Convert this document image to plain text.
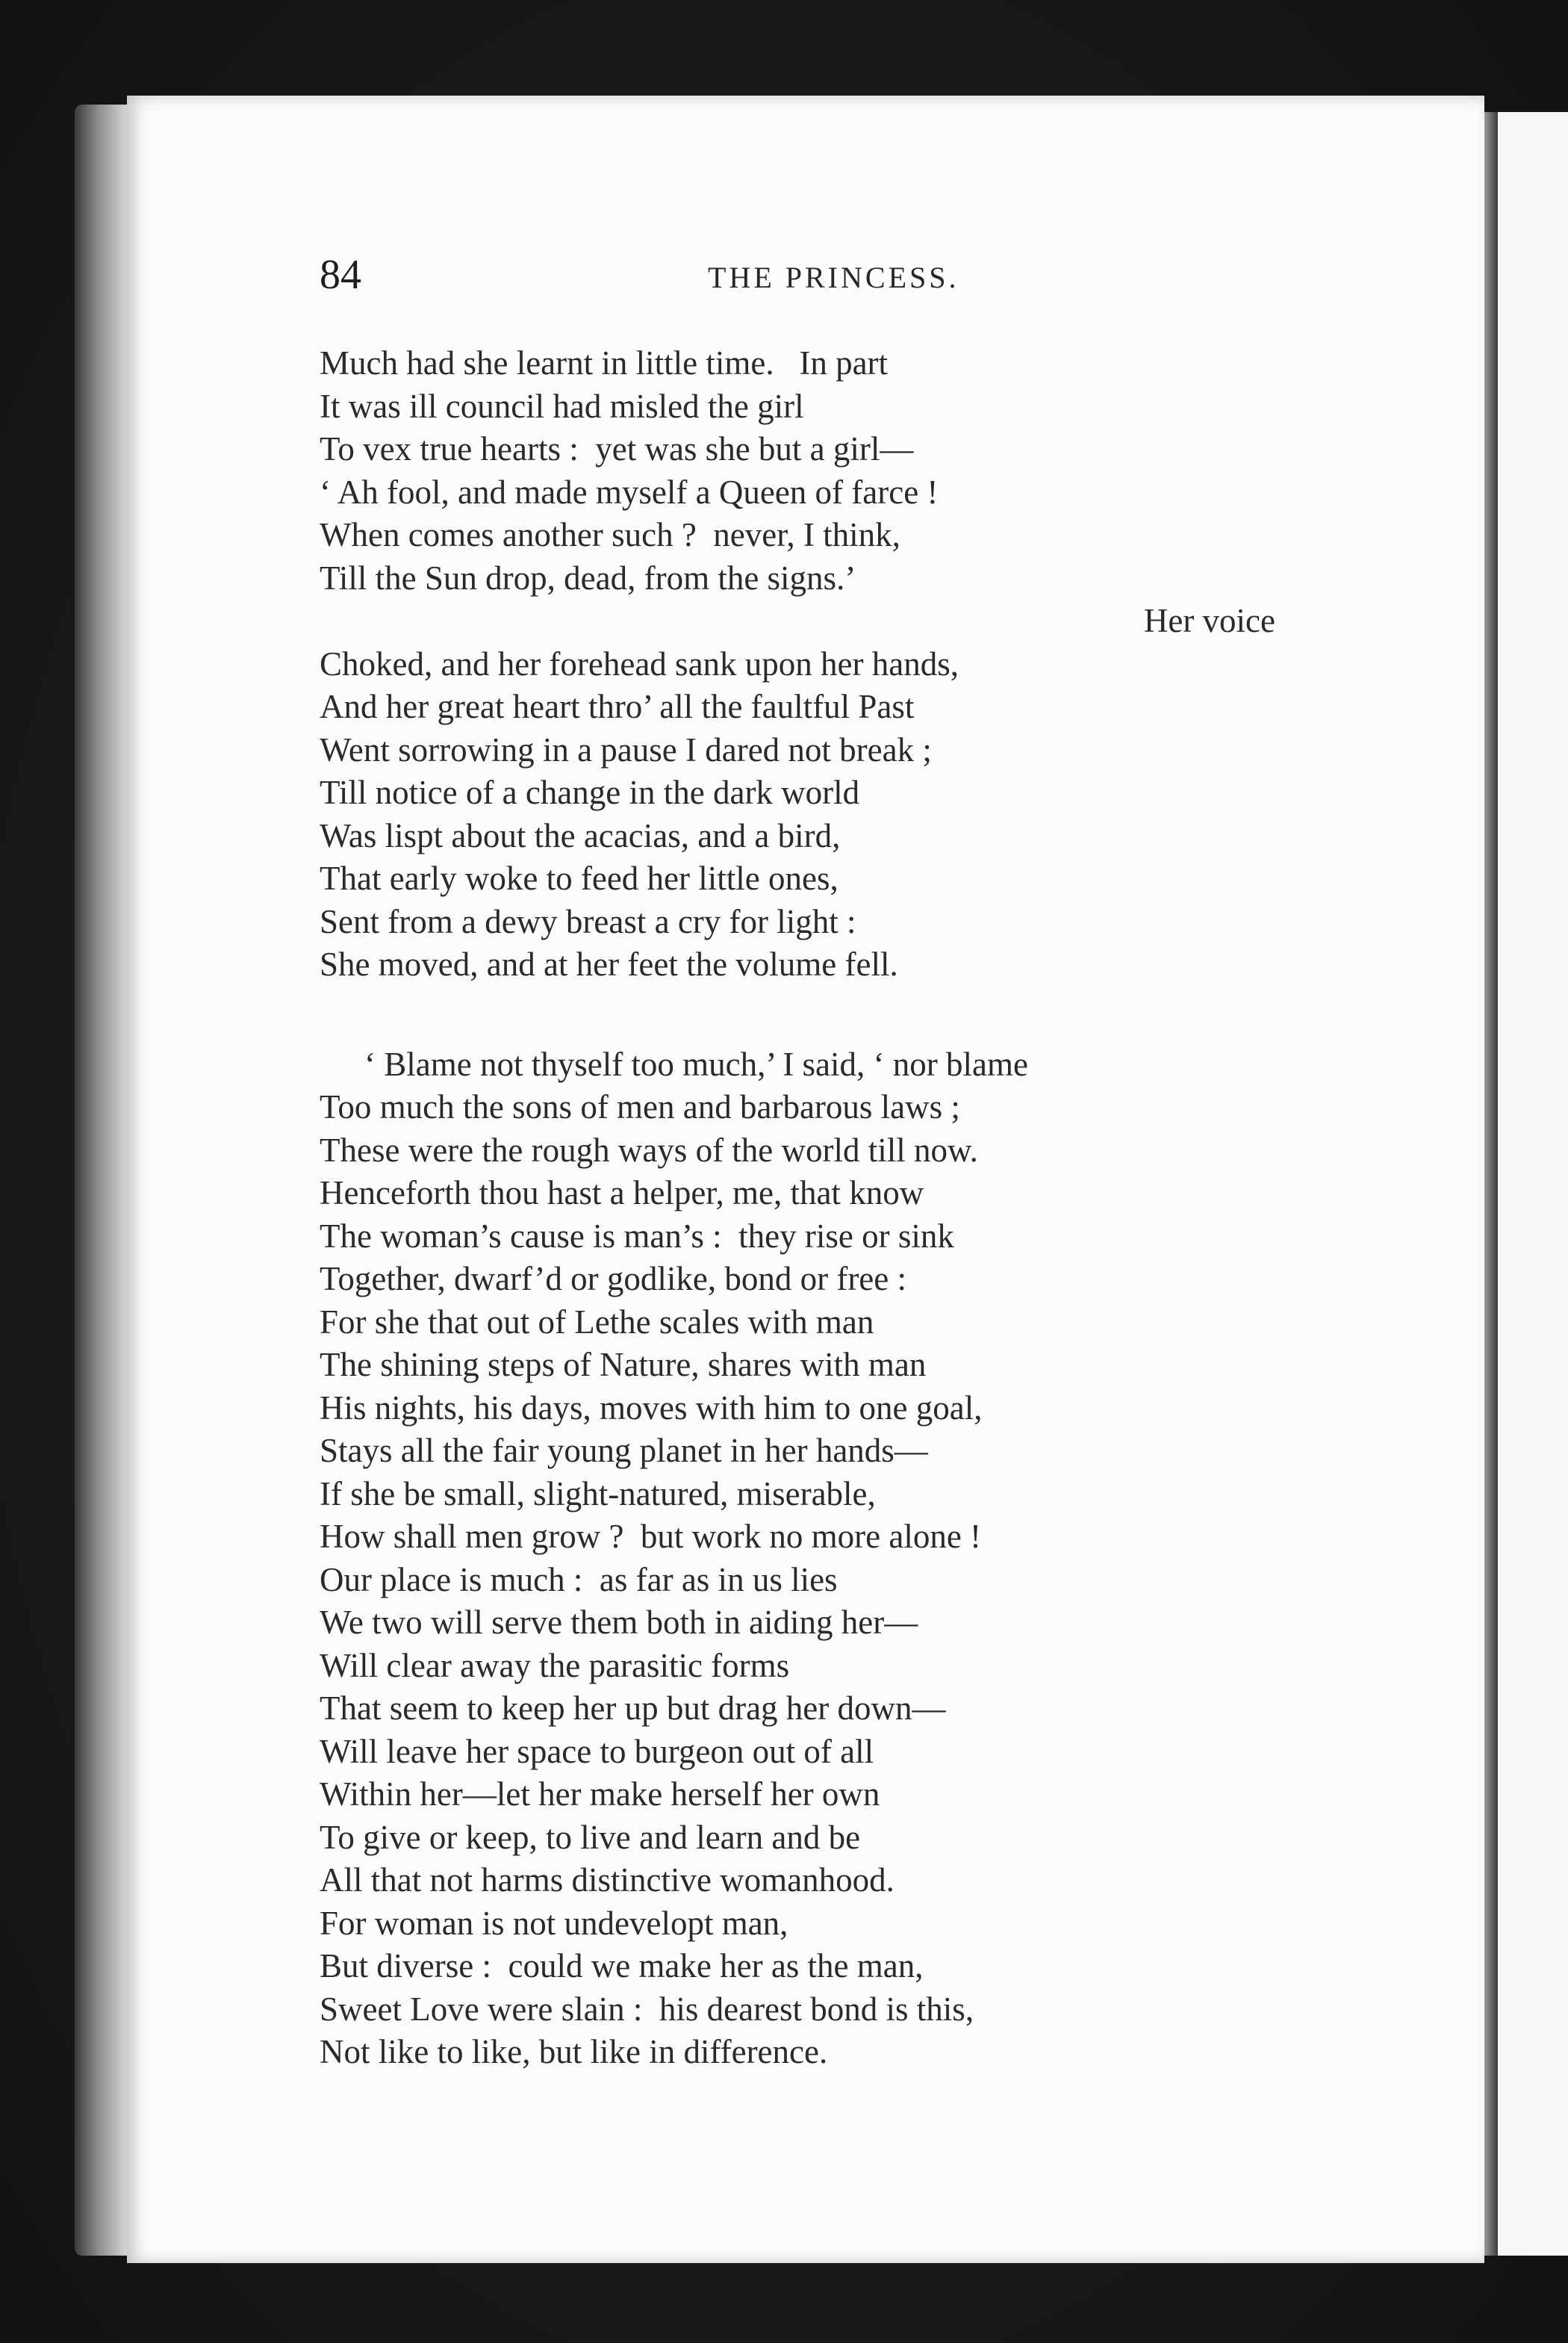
84	THE PRINCESS.
Much had she learnt in little time.   In part
It was ill council had misled the girl
To vex true hearts :  yet was she but a girl—
‘ Ah fool, and made myself a Queen of farce !
When comes another such ?  never, I think,
Till the Sun drop, dead, from the signs.’
Her voice
Choked, and her forehead sank upon her hands,
And her great heart thro’ all the faultful Past
Went sorrowing in a pause I dared not break ;
Till notice of a change in the dark world
Was lispt about the acacias, and a bird,
That early woke to feed her little ones,
Sent from a dewy breast a cry for light :
She moved, and at her feet the volume fell.
‘ Blame not thyself too much,’ I said, ‘ nor blame
Too much the sons of men and barbarous laws ;
These were the rough ways of the world till now.
Henceforth thou hast a helper, me, that know
The woman’s cause is man’s :  they rise or sink
Together, dwarf’d or godlike, bond or free :
For she that out of Lethe scales with man
The shining steps of Nature, shares with man
His nights, his days, moves with him to one goal,
Stays all the fair young planet in her hands—
If she be small, slight-natured, miserable,
How shall men grow ?  but work no more alone !
Our place is much :  as far as in us lies
We two will serve them both in aiding her—
Will clear away the parasitic forms
That seem to keep her up but drag her down—
Will leave her space to burgeon out of all
Within her—let her make herself her own
To give or keep, to live and learn and be
All that not harms distinctive womanhood.
For woman is not undevelopt man,
But diverse :  could we make her as the man,
Sweet Love were slain :  his dearest bond is this,
Not like to like, but like in difference.
